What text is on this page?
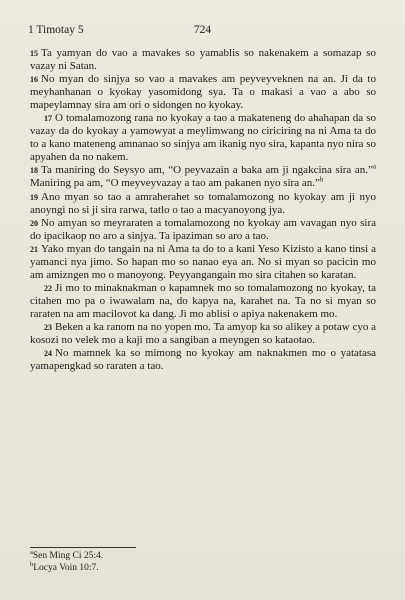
1 Timotay 5	724

15 Ta yamyan do vao a mavakes so yamablis so nakenakem a somazap so vazay ni Satan.

16 No myan do sinjya so vao a mavakes am peyveyveknen na an. Ji da to meyhanhanan o kyokay yasomidong sya. Ta o makasi a vao a abo so mapeylamnay sira am ori o sidongen no kyokay.

17 O tomalamozong rana no kyokay a tao a makateneng do ahahapan da so vazay da do kyokay a yamowyat a meylimwang no ciriciring na ni Ama ta do to a kano mateneng amnanao so sinjya am ikanig nyo sira, kapanta nyo nira so apyahen da no nakem.

18 Ta maniring do Seysyo am, “O peyvazain a baka am ji ngakcina sira an.”$^a$ Maniring pa am, “O meyveyvazay a tao am pakanen nyo sira an.”$^b$

19 Ano myan so tao a amraherahet so tomalamozong no kyokay am ji nyo anoyngi no si ji sira rarwa, tatlo o tao a macyanoyong jya.

20 No amyan so meyraraten a tomalamozong no kyokay am vavagan nyo sira do ipacikaop no aro a sinjya. Ta ipaziman so aro a tao.

21 Yako myan do tangain na ni Ama ta do to a kani Yeso Kizisto a kano tinsi a yamanci nya jimo. So hapan mo so nanao eya an. No si myan so pacicin mo am amizngen mo o manoyong. Peyyangangain mo sira citahen so karatan.

22 Ji mo to minaknakman o kapamnek mo so tomalamozong no kyokay, ta citahen mo pa o iwawalam na, do kapya na, karahet na. Ta no si myan so raraten na am macilovot ka dang. Ji mo ablisi o apiya nakenakem mo.

23 Beken a ka ranom na no yopen mo. Ta amyop ka so alikey a potaw cyo a kosozi no velek mo a kaji mo a sangiban a meyngen so kataotao.

24 No mamnek ka so mimong no kyokay am naknakmen mo o yatatasa yamapengkad so raraten a tao.

$^a$Sen Ming Ci 25:4.
$^b$Locya Voin 10:7.
